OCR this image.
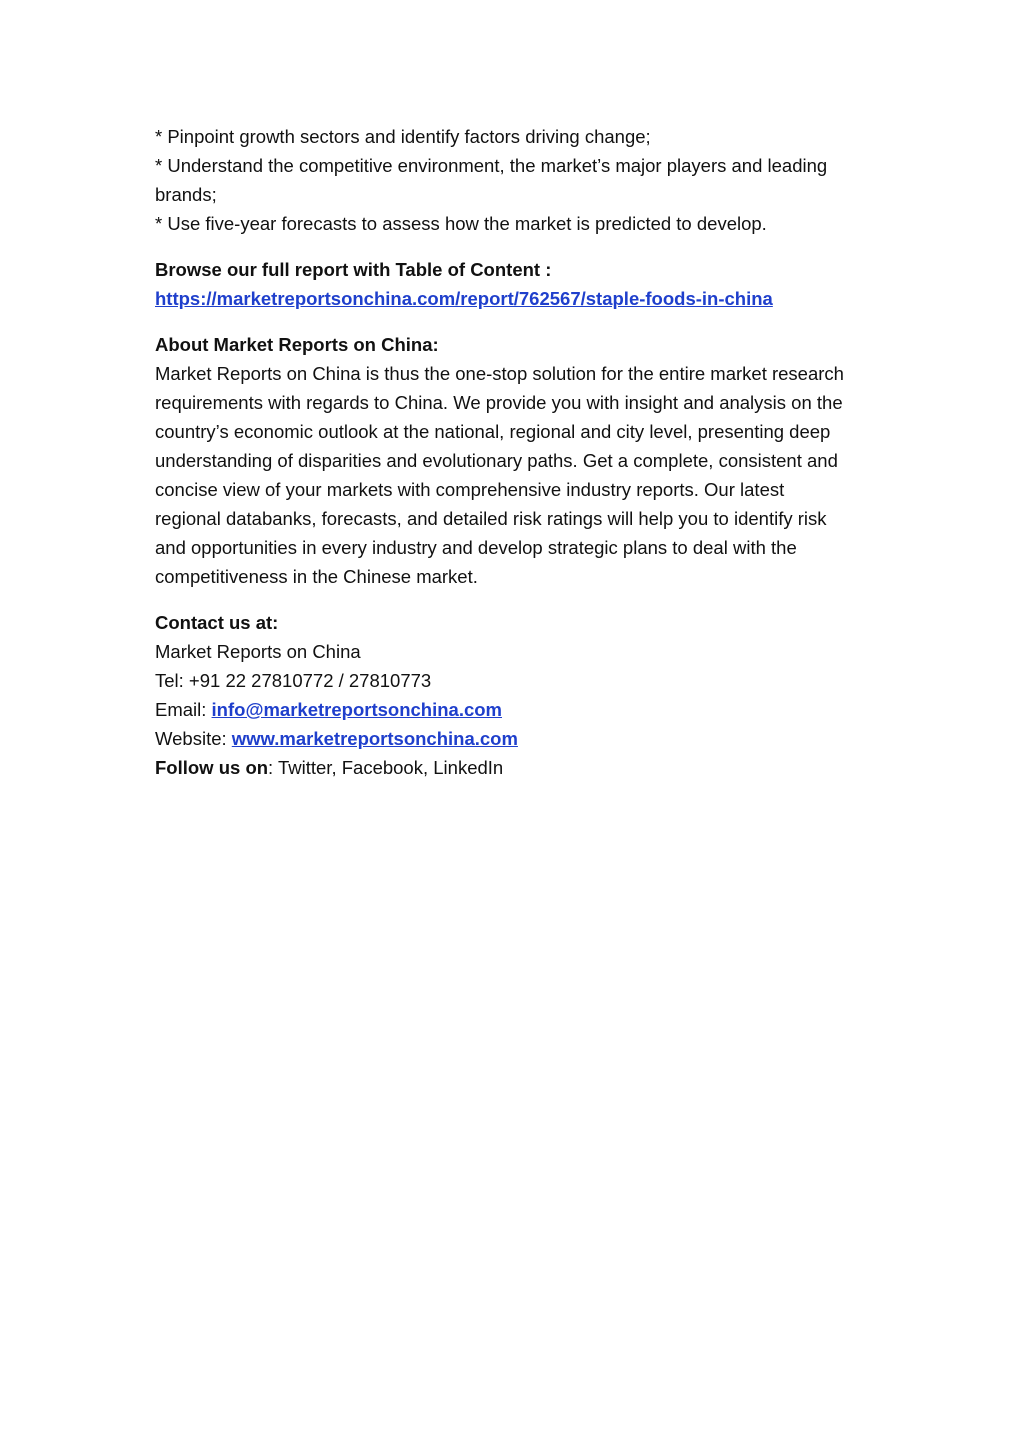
* Pinpoint growth sectors and identify factors driving change;
* Understand the competitive environment, the market’s major players and leading
brands;
* Use five-year forecasts to assess how the market is predicted to develop.
Browse our full report with Table of Content :
https://marketreportsonchina.com/report/762567/staple-foods-in-china
About Market Reports on China:
Market Reports on China is thus the one-stop solution for the entire market research
requirements with regards to China. We provide you with insight and analysis on the
country’s economic outlook at the national, regional and city level, presenting deep
understanding of disparities and evolutionary paths. Get a complete, consistent and
concise view of your markets with comprehensive industry reports. Our latest
regional databanks, forecasts, and detailed risk ratings will help you to identify risk
and opportunities in every industry and develop strategic plans to deal with the
competitiveness in the Chinese market.
Contact us at:
Market Reports on China
Tel: +91 22 27810772 / 27810773
Email: info@marketreportsonchina.com
Website: www.marketreportsonchina.com
Follow us on: Twitter, Facebook, LinkedIn
